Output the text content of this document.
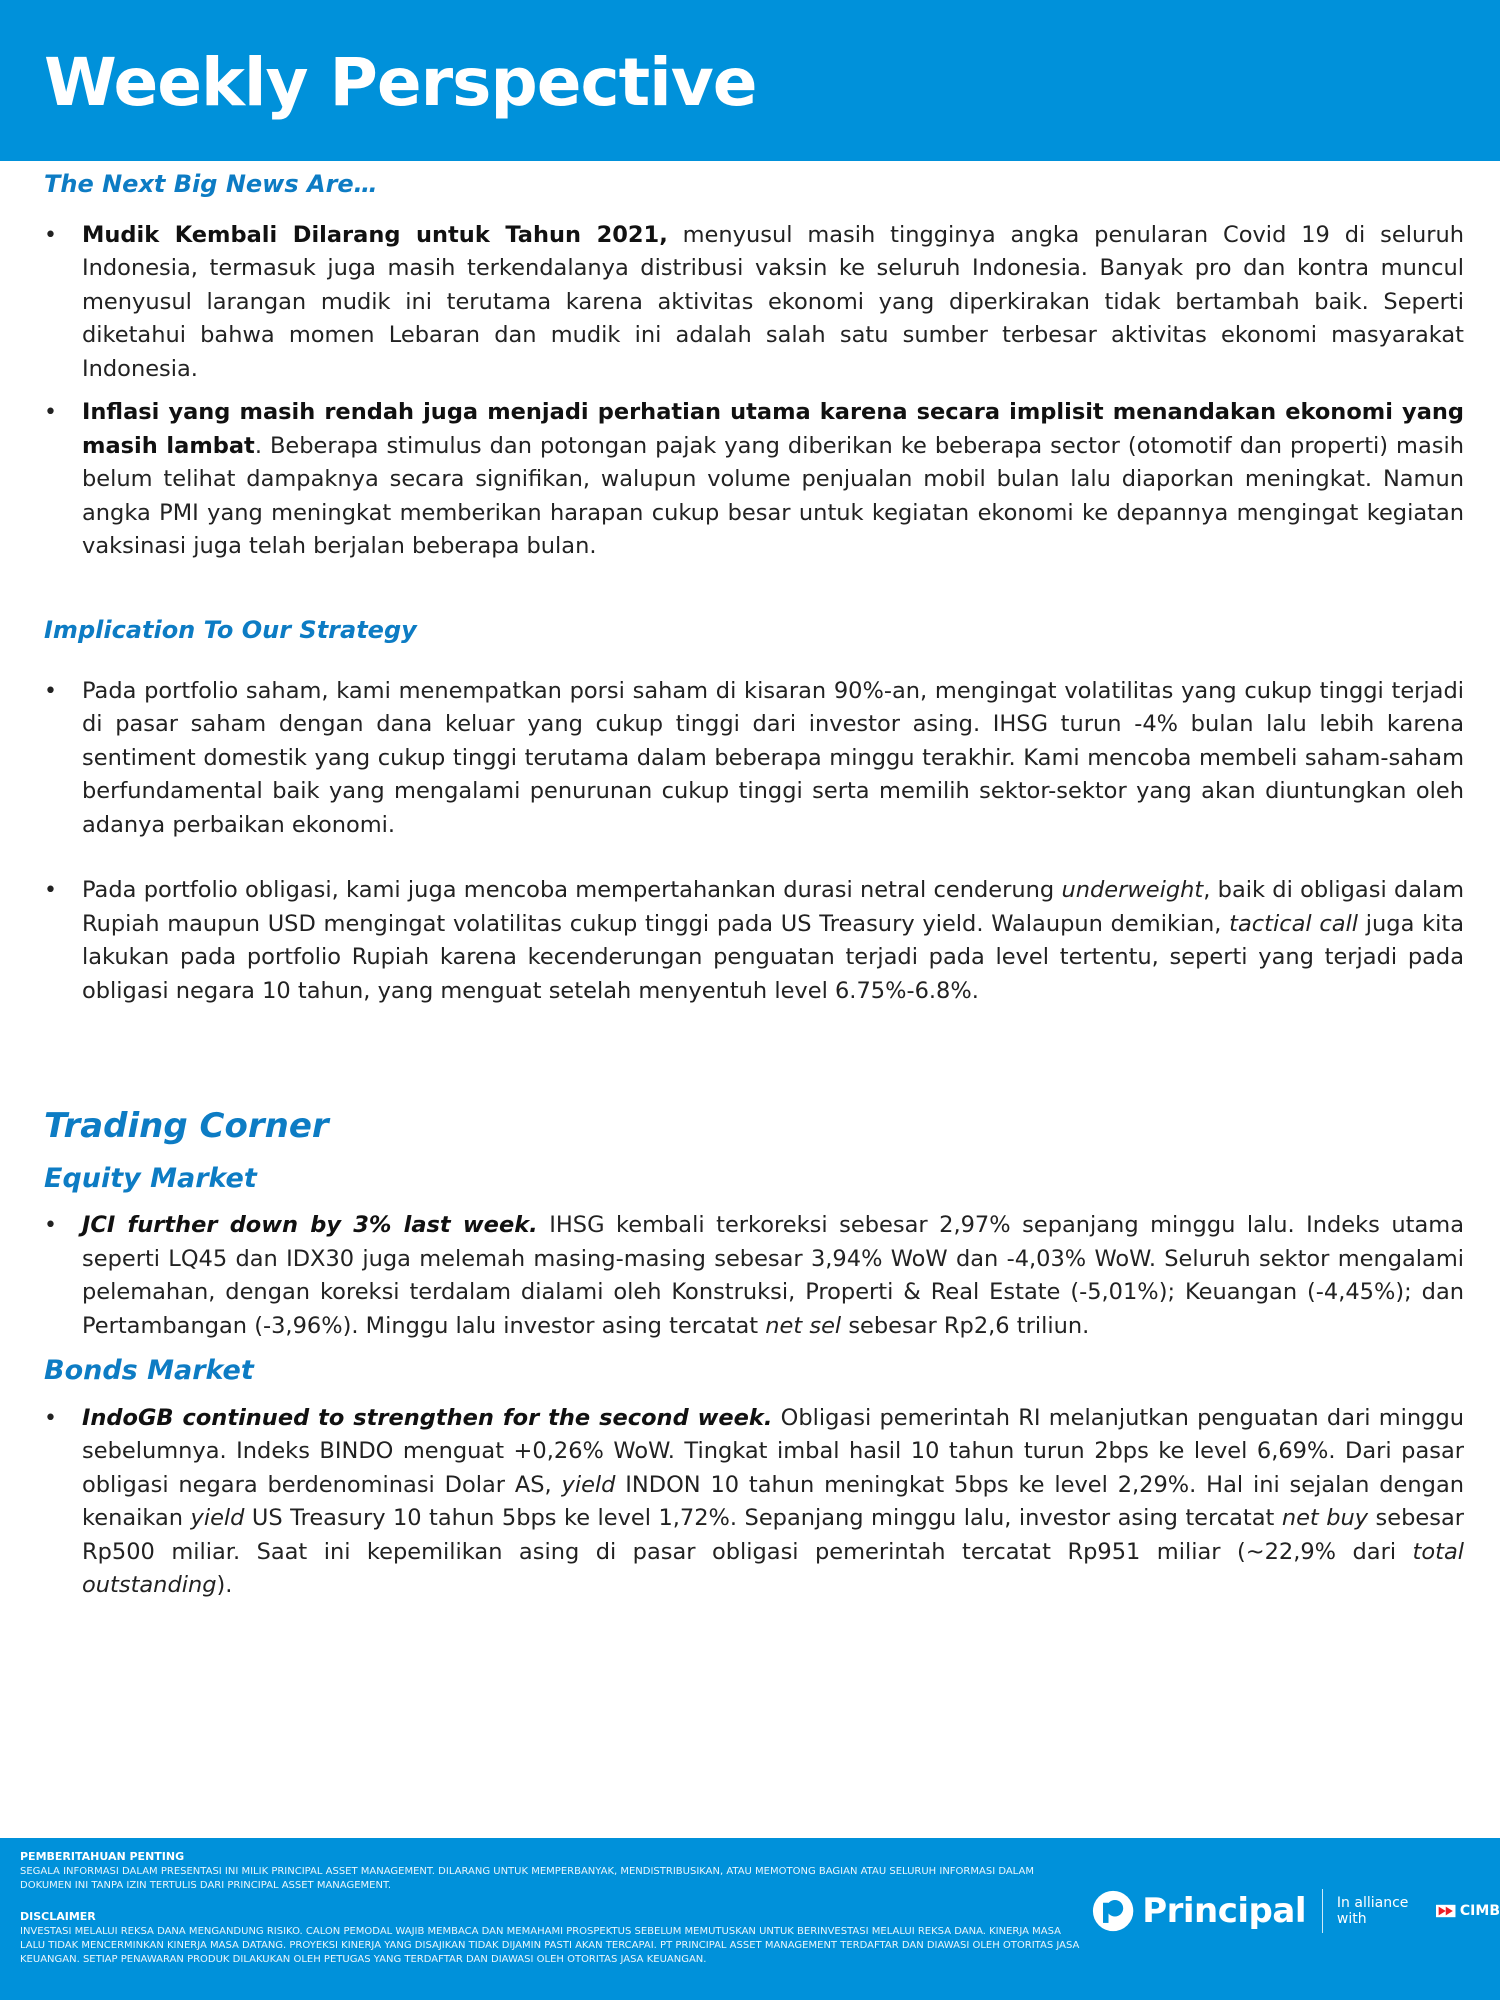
Weekly Perspective
The Next Big News Are…
• Mudik Kembali Dilarang untuk Tahun 2021, menyusul masih tingginya angka penularan Covid 19 di seluruh Indonesia, termasuk juga masih terkendalanya distribusi vaksin ke seluruh Indonesia. Banyak pro dan kontra muncul menyusul larangan mudik ini terutama karena aktivitas ekonomi yang diperkirakan tidak bertambah baik. Seperti diketahui bahwa momen Lebaran dan mudik ini adalah salah satu sumber terbesar aktivitas ekonomi masyarakat Indonesia.
• Inflasi yang masih rendah juga menjadi perhatian utama karena secara implisit menandakan ekonomi yang masih lambat. Beberapa stimulus dan potongan pajak yang diberikan ke beberapa sector (otomotif dan properti) masih belum telihat dampaknya secara signifikan, walupun volume penjualan mobil bulan lalu diaporkan meningkat. Namun angka PMI yang meningkat memberikan harapan cukup besar untuk kegiatan ekonomi ke depannya mengingat kegiatan vaksinasi juga telah berjalan beberapa bulan.
Implication To Our Strategy
• Pada portfolio saham, kami menempatkan porsi saham di kisaran 90%-an, mengingat volatilitas yang cukup tinggi terjadi di pasar saham dengan dana keluar yang cukup tinggi dari investor asing. IHSG turun -4% bulan lalu lebih karena sentiment domestik yang cukup tinggi terutama dalam beberapa minggu terakhir. Kami mencoba membeli saham-saham berfundamental baik yang mengalami penurunan cukup tinggi serta memilih sektor-sektor yang akan diuntungkan oleh adanya perbaikan ekonomi.
• Pada portfolio obligasi, kami juga mencoba mempertahankan durasi netral cenderung underweight, baik di obligasi dalam Rupiah maupun USD mengingat volatilitas cukup tinggi pada US Treasury yield. Walaupun demikian, tactical call juga kita lakukan pada portfolio Rupiah karena kecenderungan penguatan terjadi pada level tertentu, seperti yang terjadi pada obligasi negara 10 tahun, yang menguat setelah menyentuh level 6.75%-6.8%.
Trading Corner
Equity Market
• JCI further down by 3% last week. IHSG kembali terkoreksi sebesar 2,97% sepanjang minggu lalu. Indeks utama seperti LQ45 dan IDX30 juga melemah masing-masing sebesar 3,94% WoW dan -4,03% WoW. Seluruh sektor mengalami pelemahan, dengan koreksi terdalam dialami oleh Konstruksi, Properti & Real Estate (-5,01%); Keuangan (-4,45%); dan Pertambangan (-3,96%). Minggu lalu investor asing tercatat net sel sebesar Rp2,6 triliun.
Bonds Market
• IndoGB continued to strengthen for the second week. Obligasi pemerintah RI melanjutkan penguatan dari minggu sebelumnya. Indeks BINDO menguat +0,26% WoW. Tingkat imbal hasil 10 tahun turun 2bps ke level 6,69%. Dari pasar obligasi negara berdenominasi Dolar AS, yield INDON 10 tahun meningkat 5bps ke level 2,29%. Hal ini sejalan dengan kenaikan yield US Treasury 10 tahun 5bps ke level 1,72%. Sepanjang minggu lalu, investor asing tercatat net buy sebesar Rp500 miliar. Saat ini kepemilikan asing di pasar obligasi pemerintah tercatat Rp951 miliar (~22,9% dari total outstanding).
PEMBERITAHUAN PENTING
SEGALA INFORMASI DALAM PRESENTASI INI MILIK PRINCIPAL ASSET MANAGEMENT. DILARANG UNTUK MEMPERBANYAK, MENDISTRIBUSIKAN, ATAU MEMOTONG BAGIAN ATAU SELURUH INFORMASI DALAM DOKUMEN INI TANPA IZIN TERTULIS DARI PRINCIPAL ASSET MANAGEMENT.
DISCLAIMER
INVESTASI MELALUI REKSA DANA MENGANDUNG RISIKO. CALON PEMODAL WAJIB MEMBACA DAN MEMAHAMI PROSPEKTUS SEBELUM MEMUTUSKAN UNTUK BERINVESTASI MELALUI REKSA DANA. KINERJA MASA LALU TIDAK MENCERMINKAN KINERJA MASA DATANG. PROYEKSI KINERJA YANG DISAJIKAN TIDAK DIJAMIN PASTI AKAN TERCAPAI. PT PRINCIPAL ASSET MANAGEMENT TERDAFTAR DAN DIAWASI OLEH OTORITAS JASA KEUANGAN. SETIAP PENAWARAN PRODUK DILAKUKAN OLEH PETUGAS YANG TERDAFTAR DAN DIAWASI OLEH OTORITAS JASA KEUANGAN.
Principal In alliance with	CIMB
